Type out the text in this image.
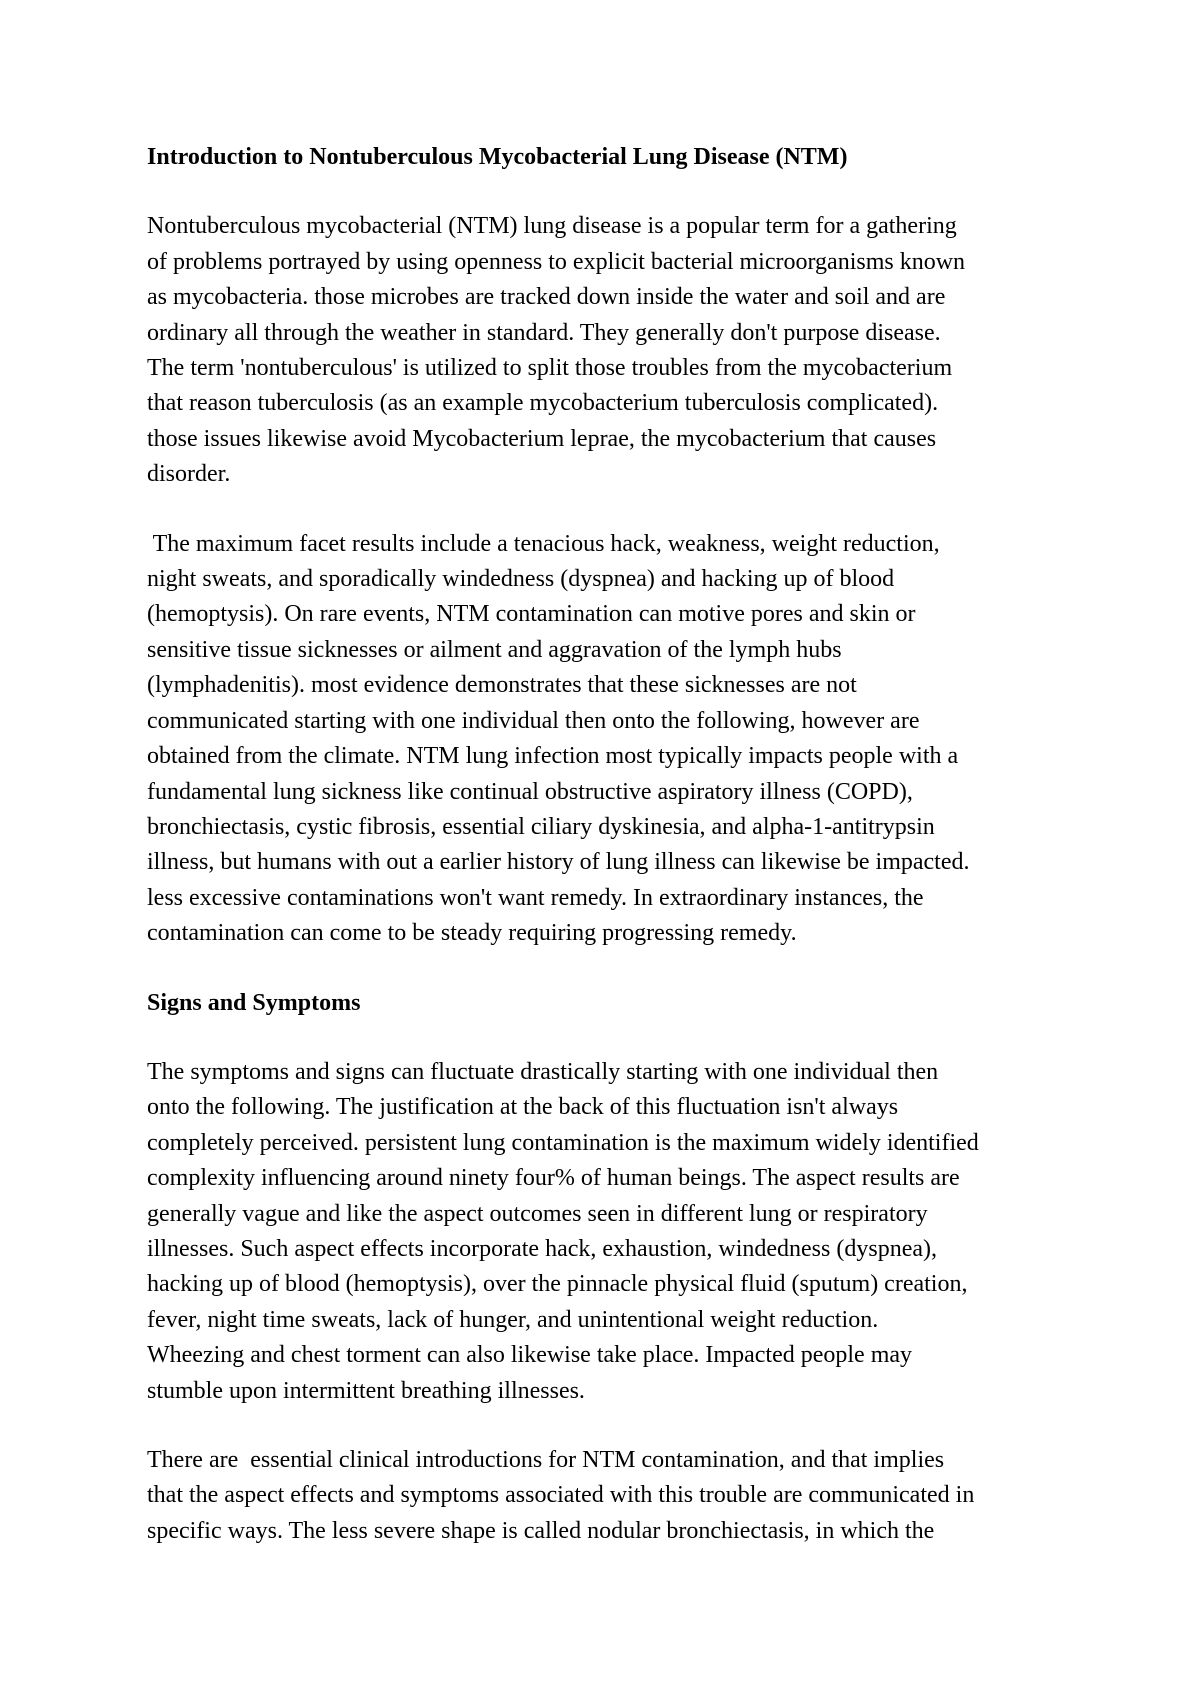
Introduction to Nontuberculous Mycobacterial Lung Disease (NTM)

Nontuberculous mycobacterial (NTM) lung disease is a popular term for a gathering
of problems portrayed by using openness to explicit bacterial microorganisms known
as mycobacteria. those microbes are tracked down inside the water and soil and are
ordinary all through the weather in standard. They generally don't purpose disease.
The term 'nontuberculous' is utilized to split those troubles from the mycobacterium
that reason tuberculosis (as an example mycobacterium tuberculosis complicated).
those issues likewise avoid Mycobacterium leprae, the mycobacterium that causes
disorder.

The maximum facet results include a tenacious hack, weakness, weight reduction,
night sweats, and sporadically windedness (dyspnea) and hacking up of blood
(hemoptysis). On rare events, NTM contamination can motive pores and skin or
sensitive tissue sicknesses or ailment and aggravation of the lymph hubs
(lymphadenitis). most evidence demonstrates that these sicknesses are not
communicated starting with one individual then onto the following, however are
obtained from the climate. NTM lung infection most typically impacts people with a
fundamental lung sickness like continual obstructive aspiratory illness (COPD),
bronchiectasis, cystic fibrosis, essential ciliary dyskinesia, and alpha-1-antitrypsin
illness, but humans with out a earlier history of lung illness can likewise be impacted.
less excessive contaminations won't want remedy. In extraordinary instances, the
contamination can come to be steady requiring progressing remedy.

Signs and Symptoms

The symptoms and signs can fluctuate drastically starting with one individual then
onto the following. The justification at the back of this fluctuation isn't always
completely perceived. persistent lung contamination is the maximum widely identified
complexity influencing around ninety four% of human beings. The aspect results are
generally vague and like the aspect outcomes seen in different lung or respiratory
illnesses. Such aspect effects incorporate hack, exhaustion, windedness (dyspnea),
hacking up of blood (hemoptysis), over the pinnacle physical fluid (sputum) creation,
fever, night time sweats, lack of hunger, and unintentional weight reduction.
Wheezing and chest torment can also likewise take place. Impacted people may
stumble upon intermittent breathing illnesses.

There are  essential clinical introductions for NTM contamination, and that implies
that the aspect effects and symptoms associated with this trouble are communicated in
specific ways. The less severe shape is called nodular bronchiectasis, in which the
